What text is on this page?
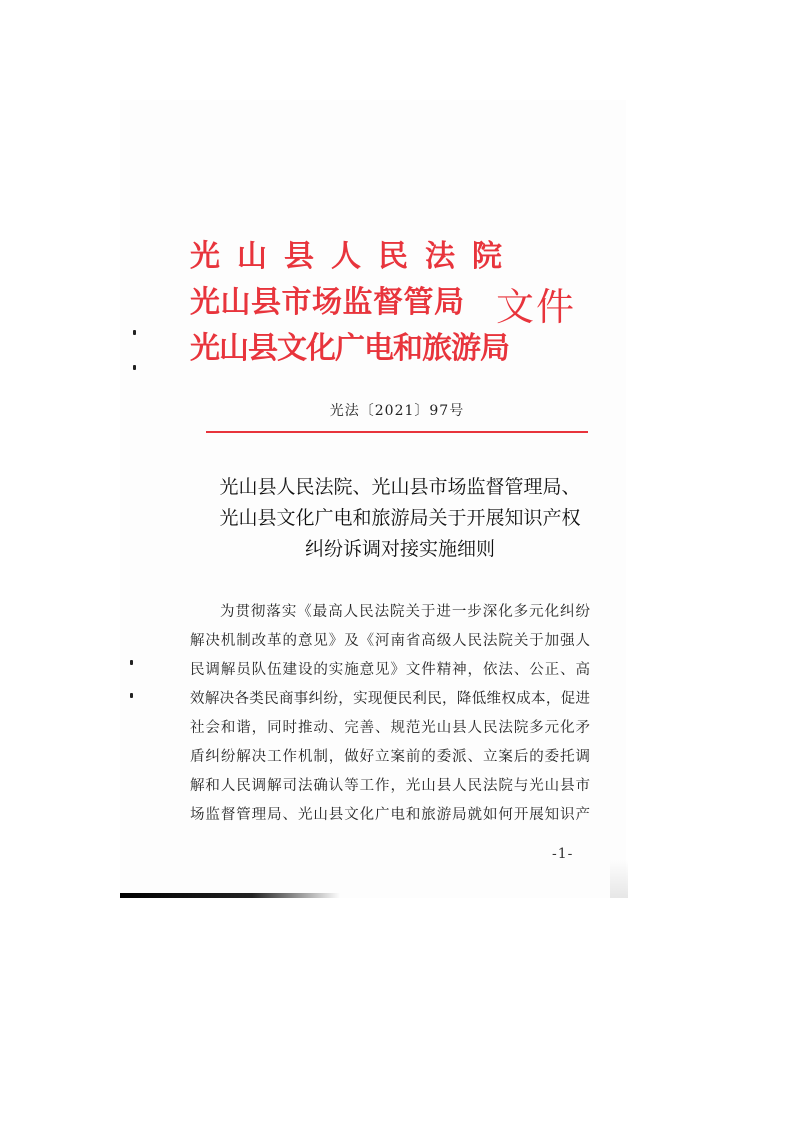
光山县人民法院
光山县市场监督管局
光山县文化广电和旅游局
文件
光法〔2021〕97号
光山县人民法院、光山县市场监督管理局、
光山县文化广电和旅游局关于开展知识产权
纠纷诉调对接实施细则
为贯彻落实《最高人民法院关于进一步深化多元化纠纷
解决机制改革的意见》及《河南省高级人民法院关于加强人
民调解员队伍建设的实施意见》文件精神，依法、公正、高
效解决各类民商事纠纷，实现便民利民，降低维权成本，促进
社会和谐，同时推动、完善、规范光山县人民法院多元化矛
盾纠纷解决工作机制，做好立案前的委派、立案后的委托调
解和人民调解司法确认等工作，光山县人民法院与光山县市
场监督管理局、光山县文化广电和旅游局就如何开展知识产
-1-
